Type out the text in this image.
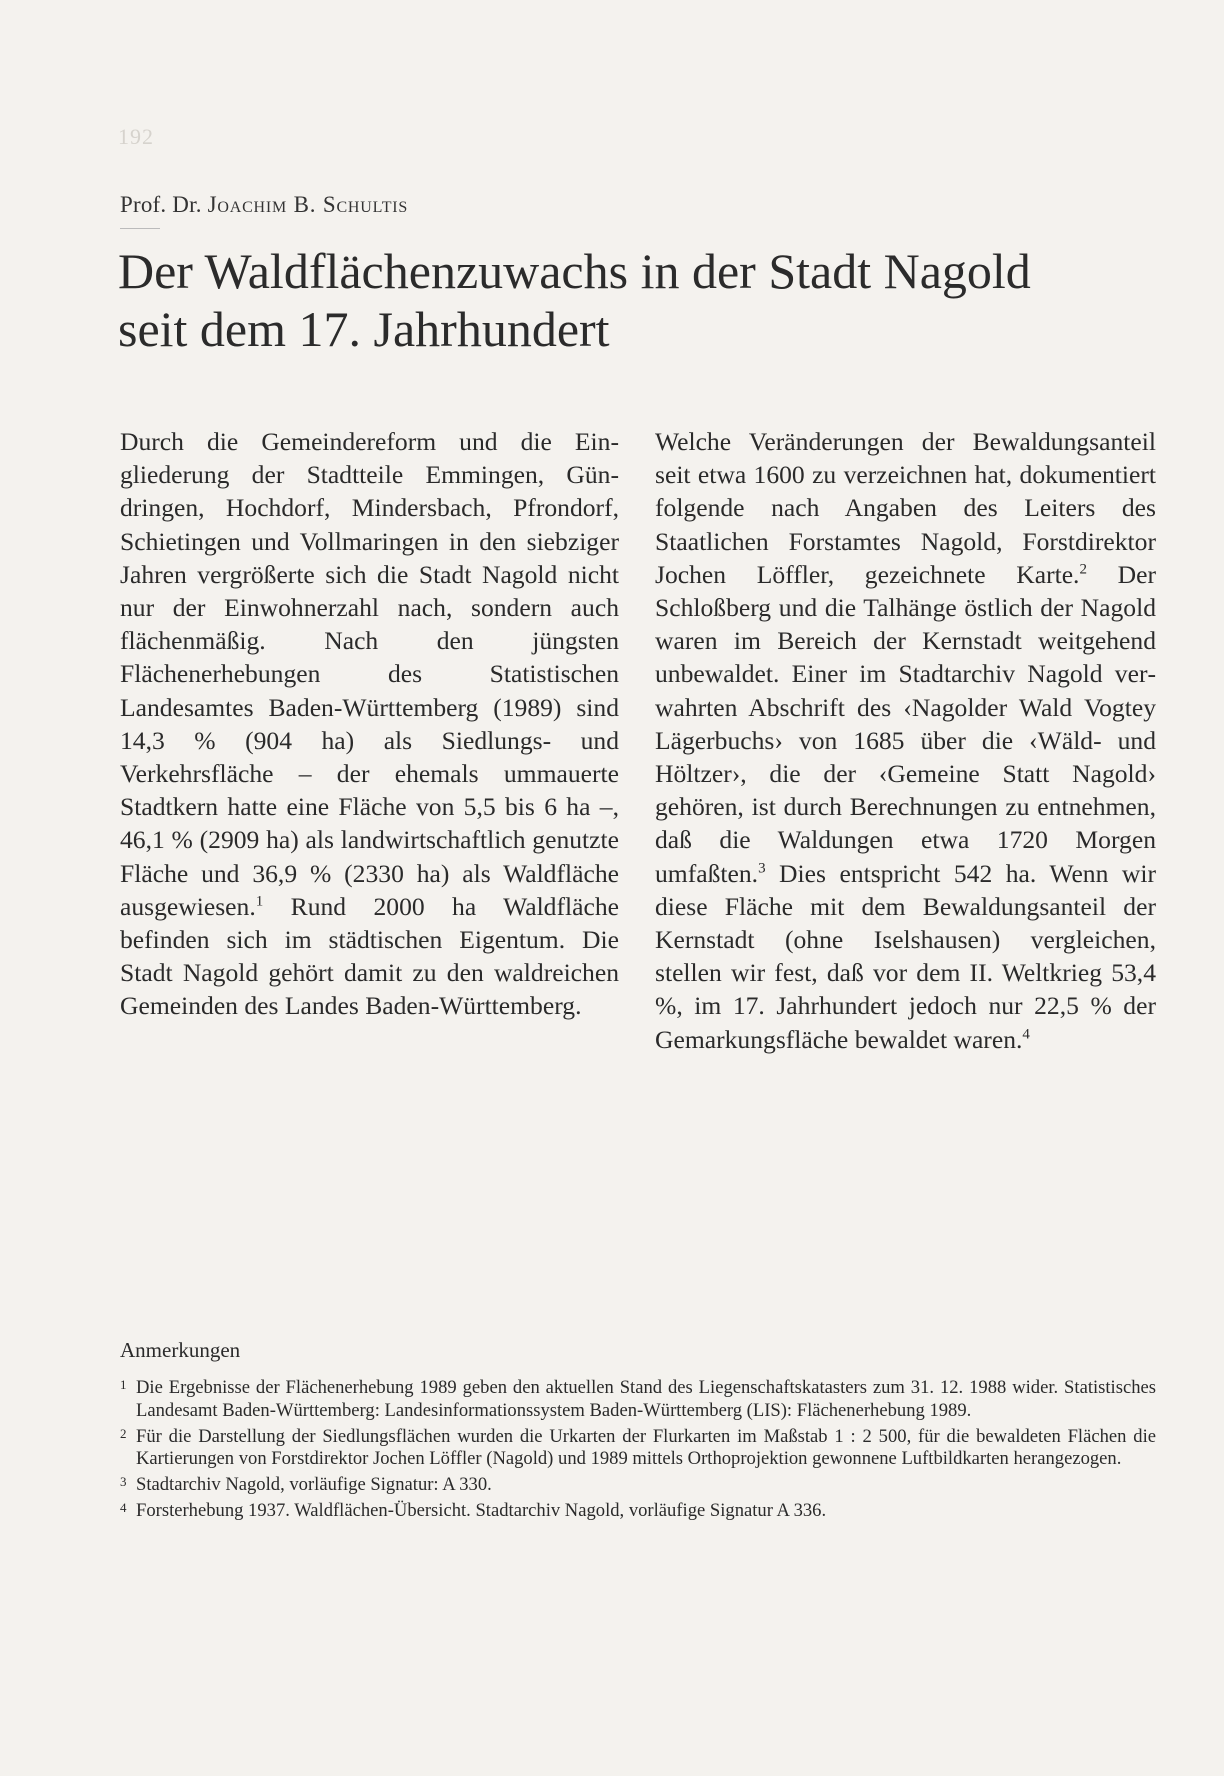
192
Prof. Dr. Joachim B. Schultis
Der Waldflächenzuwachs in der Stadt Nagold
seit dem 17. Jahrhundert

Durch die Gemeindereform und die Eingliederung der Stadtteile Emmingen, Gündringen, Hochdorf, Mindersbach, Pfrondorf, Schietingen und Vollmaringen in den siebziger Jahren vergrößerte sich die Stadt Nagold nicht nur der Einwohnerzahl nach, sondern auch flächenmäßig. Nach den jüngsten Flächenerhebungen des Statistischen Landesamtes Baden-Württemberg (1989) sind 14,3 % (904 ha) als Siedlungs- und Verkehrsfläche – der ehemals ummauerte Stadtkern hatte eine Fläche von 5,5 bis 6 ha –, 46,1 % (2909 ha) als landwirtschaftlich genutzte Fläche und 36,9 % (2330 ha) als Waldfläche ausgewiesen.$^1$ Rund 2000 ha Waldfläche befinden sich im städtischen Eigentum. Die Stadt Nagold gehört damit zu den waldreichen Gemeinden des Landes Baden-Württemberg.

Welche Veränderungen der Bewaldungsanteil seit etwa 1600 zu verzeichnen hat, dokumentiert folgende nach Angaben des Leiters des Staatlichen Forstamtes Nagold, Forstdirektor Jochen Löffler, gezeichnete Karte.$^2$ Der Schloßberg und die Talhänge östlich der Nagold waren im Bereich der Kernstadt weitgehend unbewaldet. Einer im Stadtarchiv Nagold verwahrten Abschrift des ‹Nagolder Wald Vogtey Lägerbuchs› von 1685 über die ‹Wäld- und Höltzer›, die der ‹Gemeine Statt Nagold› gehören, ist durch Berechnungen zu entnehmen, daß die Waldungen etwa 1720 Morgen umfaßten.$^3$ Dies entspricht 542 ha. Wenn wir diese Fläche mit dem Bewaldungsanteil der Kernstadt (ohne Iselshausen) vergleichen, stellen wir fest, daß vor dem II. Weltkrieg 53,4 %, im 17. Jahrhundert jedoch nur 22,5 % der Gemarkungsfläche bewaldet waren.$^4$

Anmerkungen
1 Die Ergebnisse der Flächenerhebung 1989 geben den aktuellen Stand des Liegenschaftskatasters zum 31. 12. 1988 wider. Statistisches Landesamt Baden-Württemberg: Landesinformationssystem Baden-Württemberg (LIS): Flächenerhebung 1989.
2 Für die Darstellung der Siedlungsflächen wurden die Urkarten der Flurkarten im Maßstab 1 : 2 500, für die bewaldeten Flächen die Kartierungen von Forstdirektor Jochen Löffler (Nagold) und 1989 mittels Orthoprojektion gewonnene Luftbildkarten herangezogen.
3 Stadtarchiv Nagold, vorläufige Signatur: A 330.
4 Forsterhebung 1937. Waldflächen-Übersicht. Stadtarchiv Nagold, vorläufige Signatur A 336.
